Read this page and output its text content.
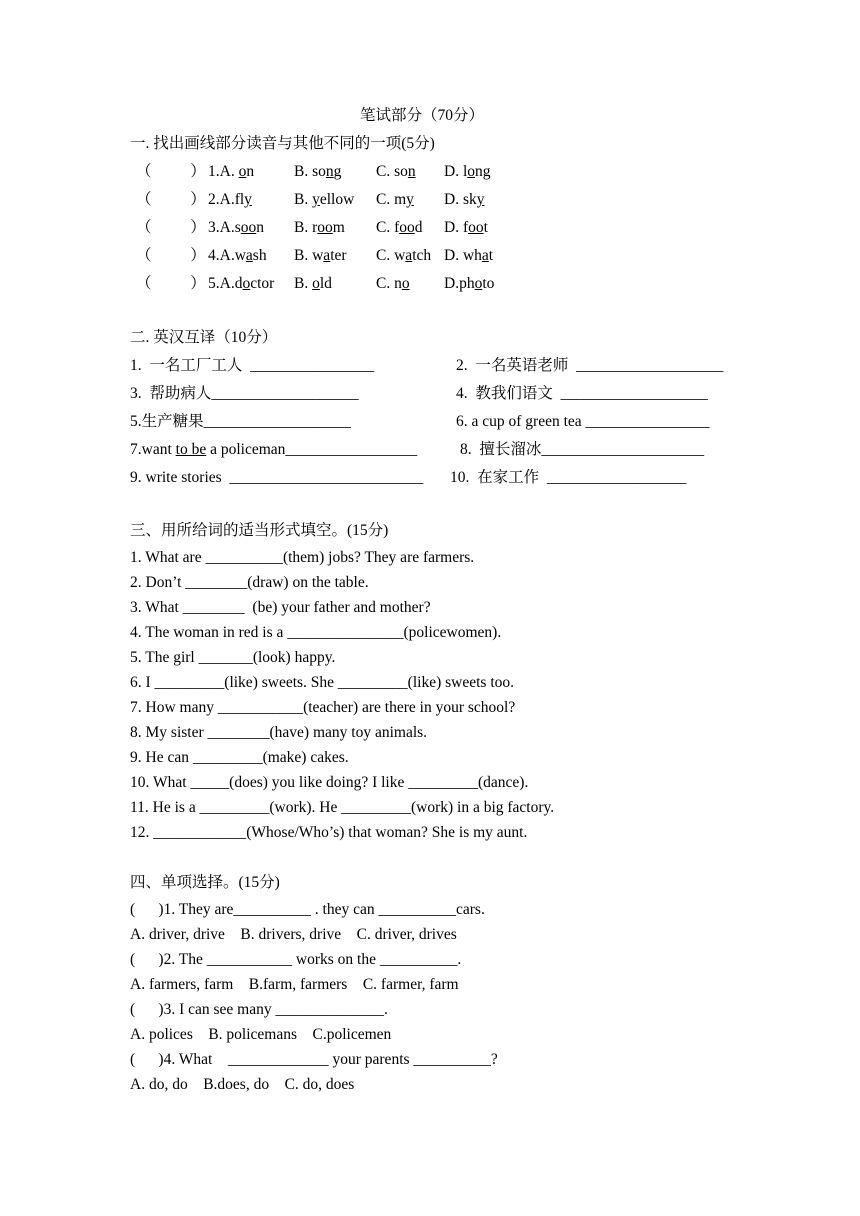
笔试部分（70分）
一. 找出画线部分读音与其他不同的一项(5分)
（          ） 1.A. on	B. song C. son D. long
（          ） 2.A.fly	B. yellow C. my D. sky
（          ） 3.A.soon B. room C. food D. foot
（          ） 4.A.wash B. water C. watch D. what
（          ） 5.A.doctor B. old	C. no D.photo
二. 英汉互译（10分）
1.  一名工厂工人  ________________	2.  一名英语老师  ___________________
3.  帮助病人___________________	4.  教我们语文  ___________________
5.生产糖果___________________	6. a cup of green tea ________________
7.want to be a policeman_________________	8.  擅长溜冰_____________________
9. write stories  _________________________ 10.  在家工作  __________________
三、用所给词的适当形式填空。(15分)
1. What are __________(them) jobs? They are farmers.
2. Don’t ________(draw) on the table.
3. What ________  (be) your father and mother?
4. The woman in red is a _______________(policewomen).
5. The girl _______(look) happy.
6. I _________(like) sweets. She _________(like) sweets too.
7. How many ___________(teacher) are there in your school?
8. My sister ________(have) many toy animals.
9. He can _________(make) cakes.
10. What _____(does) you like doing? I like _________(dance).
11. He is a _________(work). He _________(work) in a big factory.
12. ____________(Whose/Who’s) that woman? She is my aunt.
四、单项选择。(15分)
(      )1. They are__________ . they can __________cars.
A. driver, drive    B. drivers, drive    C. driver, drives
(      )2. The ___________ works on the __________.
A. farmers, farm    B.farm, farmers    C. farmer, farm
(      )3. I can see many ______________.
A. polices    B. policemans    C.policemen
(      )4. What    _____________ your parents __________?
A. do, do    B.does, do    C. do, does
